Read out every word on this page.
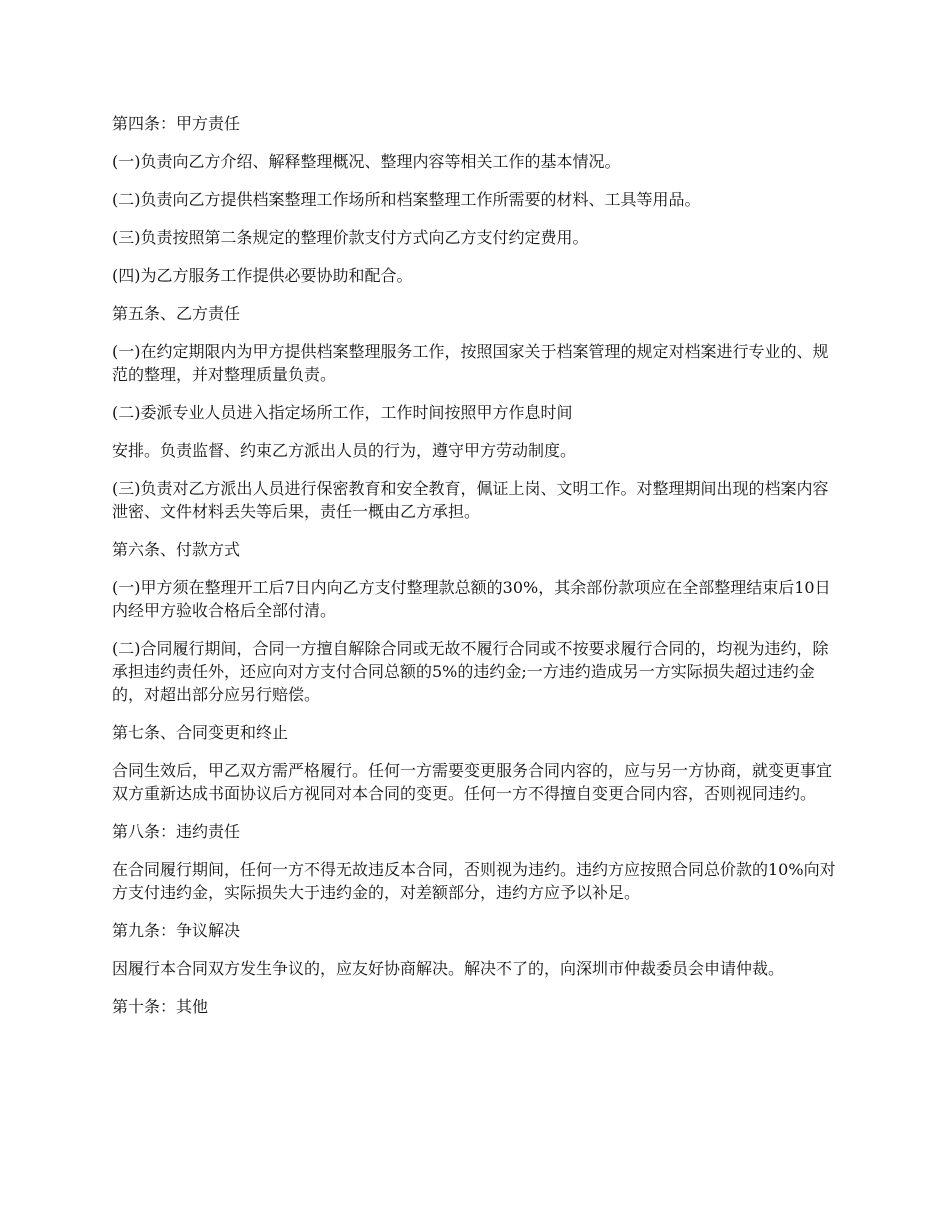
第四条：甲方责任

(一)负责向乙方介绍、解释整理概况、整理内容等相关工作的基本情况。

(二)负责向乙方提供档案整理工作场所和档案整理工作所需要的材料、工具等用品。

(三)负责按照第二条规定的整理价款支付方式向乙方支付约定费用。

(四)为乙方服务工作提供必要协助和配合。

第五条、乙方责任

(一)在约定期限内为甲方提供档案整理服务工作，按照国家关于档案管理的规定对档案进行专业的、规范的整理，并对整理质量负责。

(二)委派专业人员进入指定场所工作，工作时间按照甲方作息时间

安排。负责监督、约束乙方派出人员的行为，遵守甲方劳动制度。

(三)负责对乙方派出人员进行保密教育和安全教育，佩证上岗、文明工作。对整理期间出现的档案内容泄密、文件材料丢失等后果，责任一概由乙方承担。

第六条、付款方式

(一)甲方须在整理开工后7日内向乙方支付整理款总额的30%，其余部份款项应在全部整理结束后10日内经甲方验收合格后全部付清。

(二)合同履行期间，合同一方擅自解除合同或无故不履行合同或不按要求履行合同的，均视为违约，除承担违约责任外，还应向对方支付合同总额的5%的违约金;一方违约造成另一方实际损失超过违约金的，对超出部分应另行赔偿。

第七条、合同变更和终止

合同生效后，甲乙双方需严格履行。任何一方需要变更服务合同内容的，应与另一方协商，就变更事宜双方重新达成书面协议后方视同对本合同的变更。任何一方不得擅自变更合同内容，否则视同违约。

第八条：违约责任

在合同履行期间，任何一方不得无故违反本合同，否则视为违约。违约方应按照合同总价款的10%向对方支付违约金，实际损失大于违约金的，对差额部分，违约方应予以补足。

第九条：争议解决

因履行本合同双方发生争议的，应友好协商解决。解决不了的，向深圳市仲裁委员会申请仲裁。

第十条：其他
